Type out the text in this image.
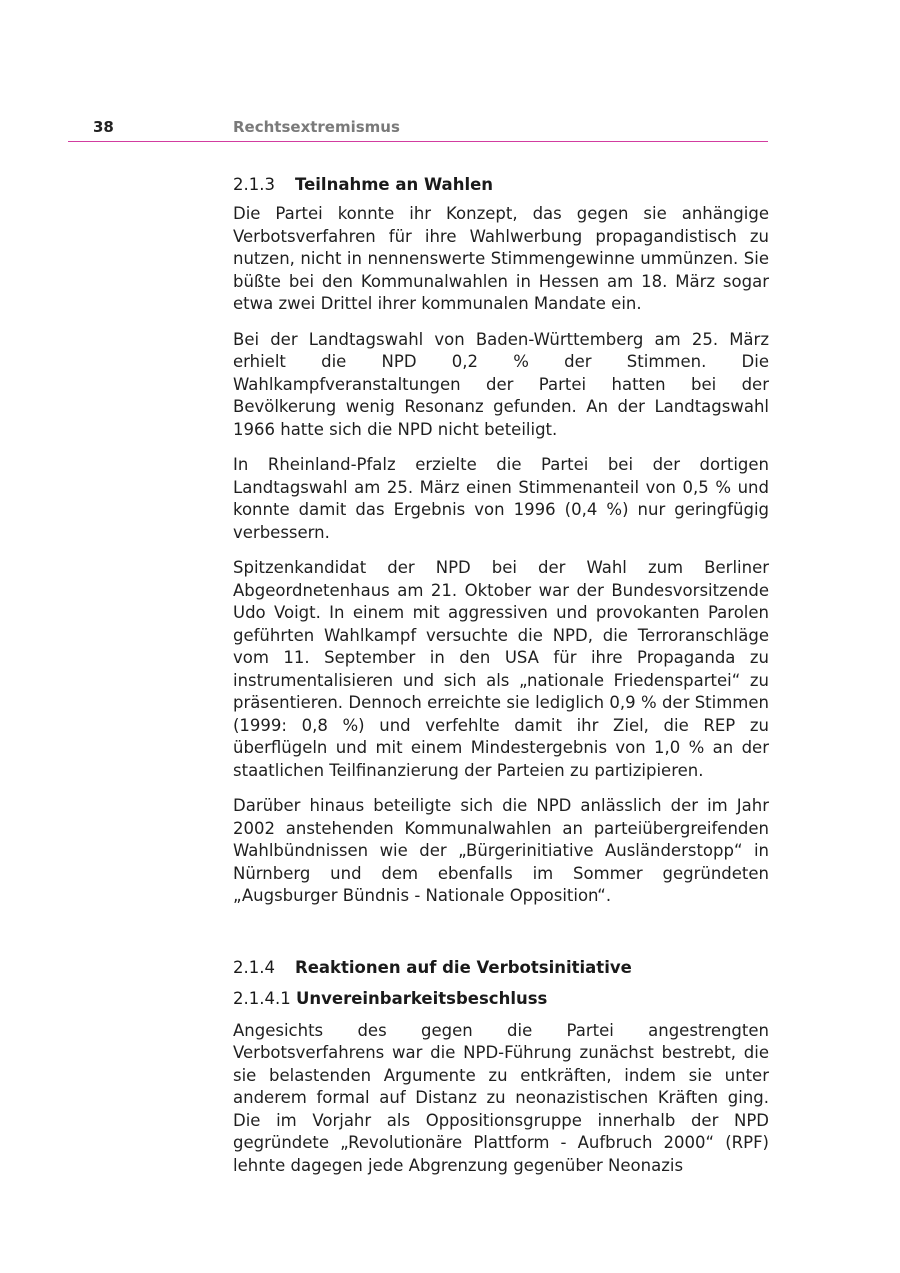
38	Rechtsextremismus
2.1.3 Teilnahme an Wahlen

Die Partei konnte ihr Konzept, das gegen sie anhängige Verbotsverfahren für ihre Wahlwerbung propagandistisch zu nutzen, nicht in nennenswerte Stimmengewinne ummünzen. Sie büßte bei den Kommunalwahlen in Hessen am 18. März sogar etwa zwei Drittel ihrer kommunalen Mandate ein.

Bei der Landtagswahl von Baden-Württemberg am 25. März erhielt die NPD 0,2 % der Stimmen. Die Wahlkampfveranstaltungen der Partei hatten bei der Bevölkerung wenig Resonanz gefunden. An der Landtagswahl 1966 hatte sich die NPD nicht beteiligt.

In Rheinland-Pfalz erzielte die Partei bei der dortigen Landtagswahl am 25. März einen Stimmenanteil von 0,5 % und konnte damit das Ergebnis von 1996 (0,4 %) nur geringfügig verbessern.

Spitzenkandidat der NPD bei der Wahl zum Berliner Abgeordnetenhaus am 21. Oktober war der Bundesvorsitzende Udo Voigt. In einem mit aggressiven und provokanten Parolen geführten Wahlkampf versuchte die NPD, die Terroranschläge vom 11. September in den USA für ihre Propaganda zu instrumentalisieren und sich als „nationale Friedenspartei“ zu präsentieren. Dennoch erreichte sie lediglich 0,9 % der Stimmen (1999: 0,8 %) und verfehlte damit ihr Ziel, die REP zu überflügeln und mit einem Mindestergebnis von 1,0 % an der staatlichen Teilfinanzierung der Parteien zu partizipieren.

Darüber hinaus beteiligte sich die NPD anlässlich der im Jahr 2002 anstehenden Kommunalwahlen an parteiübergreifenden Wahlbündnissen wie der „Bürgerinitiative Ausländerstopp“ in Nürnberg und dem ebenfalls im Sommer gegründeten „Augsburger Bündnis - Nationale Opposition“.

2.1.4 Reaktionen auf die Verbotsinitiative
2.1.4.1 Unvereinbarkeitsbeschluss

Angesichts des gegen die Partei angestrengten Verbotsverfahrens war die NPD-Führung zunächst bestrebt, die sie belastenden Argumente zu entkräften, indem sie unter anderem formal auf Distanz zu neonazistischen Kräften ging. Die im Vorjahr als Oppositionsgruppe innerhalb der NPD gegründete „Revolutionäre Plattform - Aufbruch 2000“ (RPF) lehnte dagegen jede Abgrenzung gegenüber Neonazis
